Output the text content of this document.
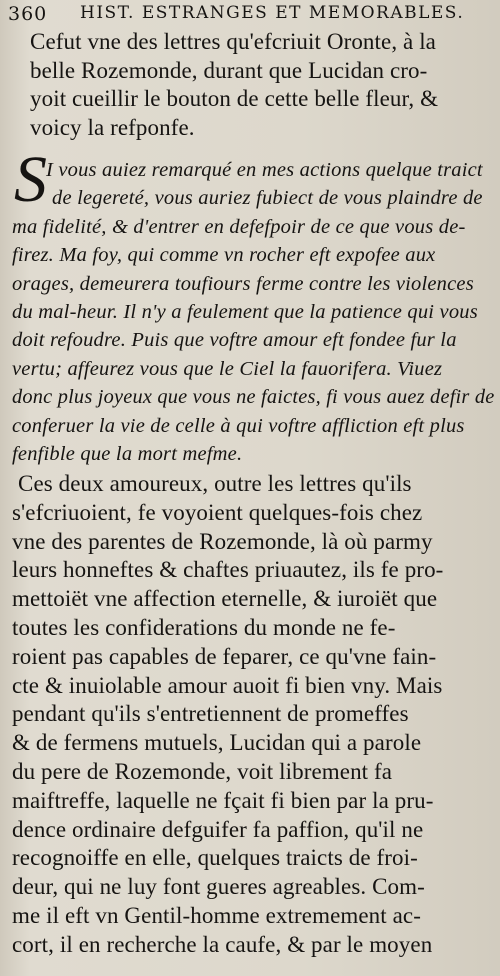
360 HIST. ESTRANGES ET MEMORABLES.
Cefut vne des lettres qu'efcriuit Oronte, à la
belle Rozemonde, durant que Lucidan cro-
yoit cueillir le bouton de cette belle fleur, &
voicy la refponfe.
S I vous auiez remarqué en mes actions quelque traict
de legereté, vous auriez fubiect de vous plaindre de
ma fidelité, & d'entrer en defefpoir de ce que vous de-
firez. Ma foy, qui comme vn rocher eft expofee aux
orages, demeurera toufiours ferme contre les violences
du mal-heur. Il n'y a feulement que la patience qui vous
doit refoudre. Puis que voftre amour eft fondee fur la
vertu; affeurez vous que le Ciel la fauorifera. Viuez
donc plus joyeux que vous ne faictes, fi vous auez defir de
conferuer la vie de celle à qui voftre affliction eft plus
fenfible que la mort mefme.
Ces deux amoureux, outre les lettres qu'ils
s'efcriuoient, fe voyoient quelques-fois chez
vne des parentes de Rozemonde, là où parmy
leurs honneftes & chaftes priuautez, ils fe pro-
mettoiët vne affection eternelle, & iuroiët que
toutes les confiderations du monde ne fe-
roient pas capables de feparer, ce qu'vne fain-
cte & inuiolable amour auoit fi bien vny. Mais
pendant qu'ils s'entretiennent de promeffes
& de fermens mutuels, Lucidan qui a parole
du pere de Rozemonde, voit librement fa
maiftreffe, laquelle ne fçait fi bien par la pru-
dence ordinaire defguifer fa paffion, qu'il ne
recognoiffe en elle, quelques traicts de froi-
deur, qui ne luy font gueres agreables. Com-
me il eft vn Gentil-homme extremement ac-
cort, il en recherche la caufe, & par le moyen
